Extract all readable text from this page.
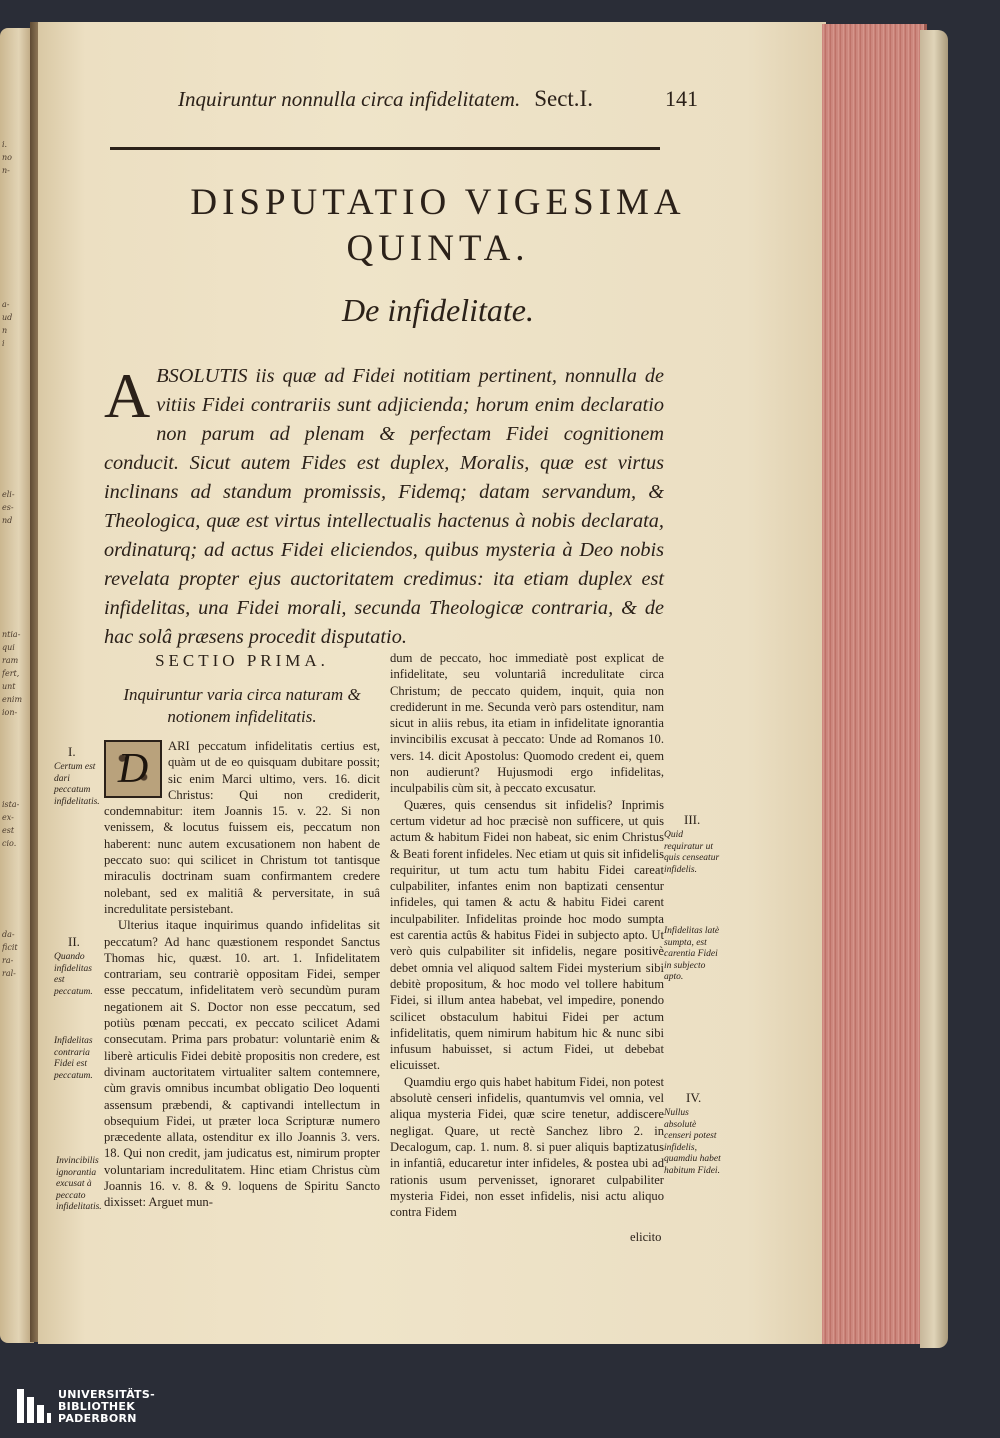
i.
no
n-
a-
ud
n
i
eli-
es-
nd
ntia-
qui
ram
fert,
unt
enim
ion-
ista-
ex-
est
cio.
da-
ficit
ra-
ral-
Inquiruntur nonnulla circa infidelitatem. Sect.I.	141
DISPUTATIO VIGESIMA
QUINTA.
De infidelitate.
A BSOLUTIS iis quæ ad Fidei notitiam pertinent, nonnulla de vitiis Fidei contrariis sunt adjicienda; horum enim declaratio non parum ad plenam & perfectam Fidei cognitionem conducit. Sicut autem Fides est duplex, Moralis, quæ est virtus inclinans ad standum promissis, Fidemq; datam servandum, & Theologica, quæ est virtus intellectualis hactenus à nobis declarata, ordinaturq; ad actus Fidei eliciendos, quibus mysteria à Deo nobis revelata propter ejus auctoritatem credimus: ita etiam duplex est infidelitas, una Fidei morali, secunda Theologicæ contraria, & de hac solâ præsens procedit disputatio.
SECTIO PRIMA.
Inquiruntur varia circa naturam & notionem infidelitatis.

D	ARI peccatum infidelitatis certius est, quàm ut de eo quisquam dubitare possit; sic enim Marci ultimo, vers. 16. dicit Christus: Qui non crediderit, condemnabitur: item Joannis 15. v. 22. Si non venissem, & locutus fuissem eis, peccatum non haberent: nunc autem excusationem non habent de peccato suo: qui scilicet in Christum tot tantisque miraculis doctrinam suam confirmantem credere nolebant, sed ex malitiâ & perversitate, in suâ incredulitate persistebant.

Ulterius itaque inquirimus quando infidelitas sit peccatum? Ad hanc quæstionem respondet Sanctus Thomas hic, quæst. 10. art. 1. Infidelitatem contrariam, seu contrariè oppositam Fidei, semper esse peccatum, infidelitatem verò secundùm puram negationem ait S. Doctor non esse peccatum, sed potiùs pœnam peccati, ex peccato scilicet Adami consecutam. Prima pars probatur: voluntariè enim & liberè articulis Fidei debitè propositis non credere, est divinam auctoritatem virtualiter saltem contemnere, cùm gravis omnibus incumbat obligatio Deo loquenti assensum præbendi, & captivandi intellectum in obsequium Fidei, ut præter loca Scripturæ numero præcedente allata, ostenditur ex illo Joannis 3. vers. 18. Qui non credit, jam judicatus est, nimirum propter voluntariam incredulitatem. Hinc etiam Christus cùm Joannis 16. v. 8. & 9. loquens de Spiritu Sancto dixisset: Arguet mun-

dum de peccato, hoc immediatè post explicat de infidelitate, seu voluntariâ incredulitate circa Christum; de peccato quidem, inquit, quia non crediderunt in me. Secunda verò pars ostenditur, nam sicut in aliis rebus, ita etiam in infidelitate ignorantia invincibilis excusat à peccato: Unde ad Romanos 10. vers. 14. dicit Apostolus: Quomodo credent ei, quem non audierunt? Hujusmodi ergo infidelitas, inculpabilis cùm sit, à peccato excusatur.

Quæres, quis censendus sit infidelis? Inprimis certum videtur ad hoc præcisè non sufficere, ut quis actum & habitum Fidei non habeat, sic enim Christus & Beati forent infideles. Nec etiam ut quis sit infidelis requiritur, ut tum actu tum habitu Fidei careat culpabiliter, infantes enim non baptizati censentur infideles, qui tamen & actu & habitu Fidei carent inculpabiliter. Infidelitas proinde hoc modo sumpta est carentia actûs & habitus Fidei in subjecto apto. Ut verò quis culpabiliter sit infidelis, negare positivè debet omnia vel aliquod saltem Fidei mysterium sibi debitè propositum, & hoc modo vel tollere habitum Fidei, si illum antea habebat, vel impedire, ponendo scilicet obstaculum habitui Fidei per actum infidelitatis, quem nimirum habitum hic & nunc sibi infusum habuisset, si actum Fidei, ut debebat elicuisset.

Quamdiu ergo quis habet habitum Fidei, non potest absolutè censeri infidelis, quantumvis vel omnia, vel aliqua mysteria Fidei, quæ scire tenetur, addiscere negligat. Quare, ut rectè Sanchez libro 2. in Decalogum, cap. 1. num. 8. si puer aliquis baptizatus in infantiâ, educaretur inter infideles, & postea ubi ad rationis usum pervenisset, ignoraret culpabiliter mysteria Fidei, non esset infidelis, nisi actu aliquo contra Fidem

elicito
I.
Certum est dari peccatum infidelitatis.
II.
Quando infidelitas est peccatum.
Infidelitas contraria Fidei est peccatum.
Invincibilis ignorantia excusat à peccato infidelitatis.
III.
Quid requiratur ut quis censeatur infidelis.
Infidelitas latè sumpta, est carentia Fidei in subjecto apto.
IV.
Nullus absolutè censeri potest infidelis, quamdiu habet habitum Fidei.
UNIVERSITÄTS-
BIBLIOTHEK
PADERBORN
